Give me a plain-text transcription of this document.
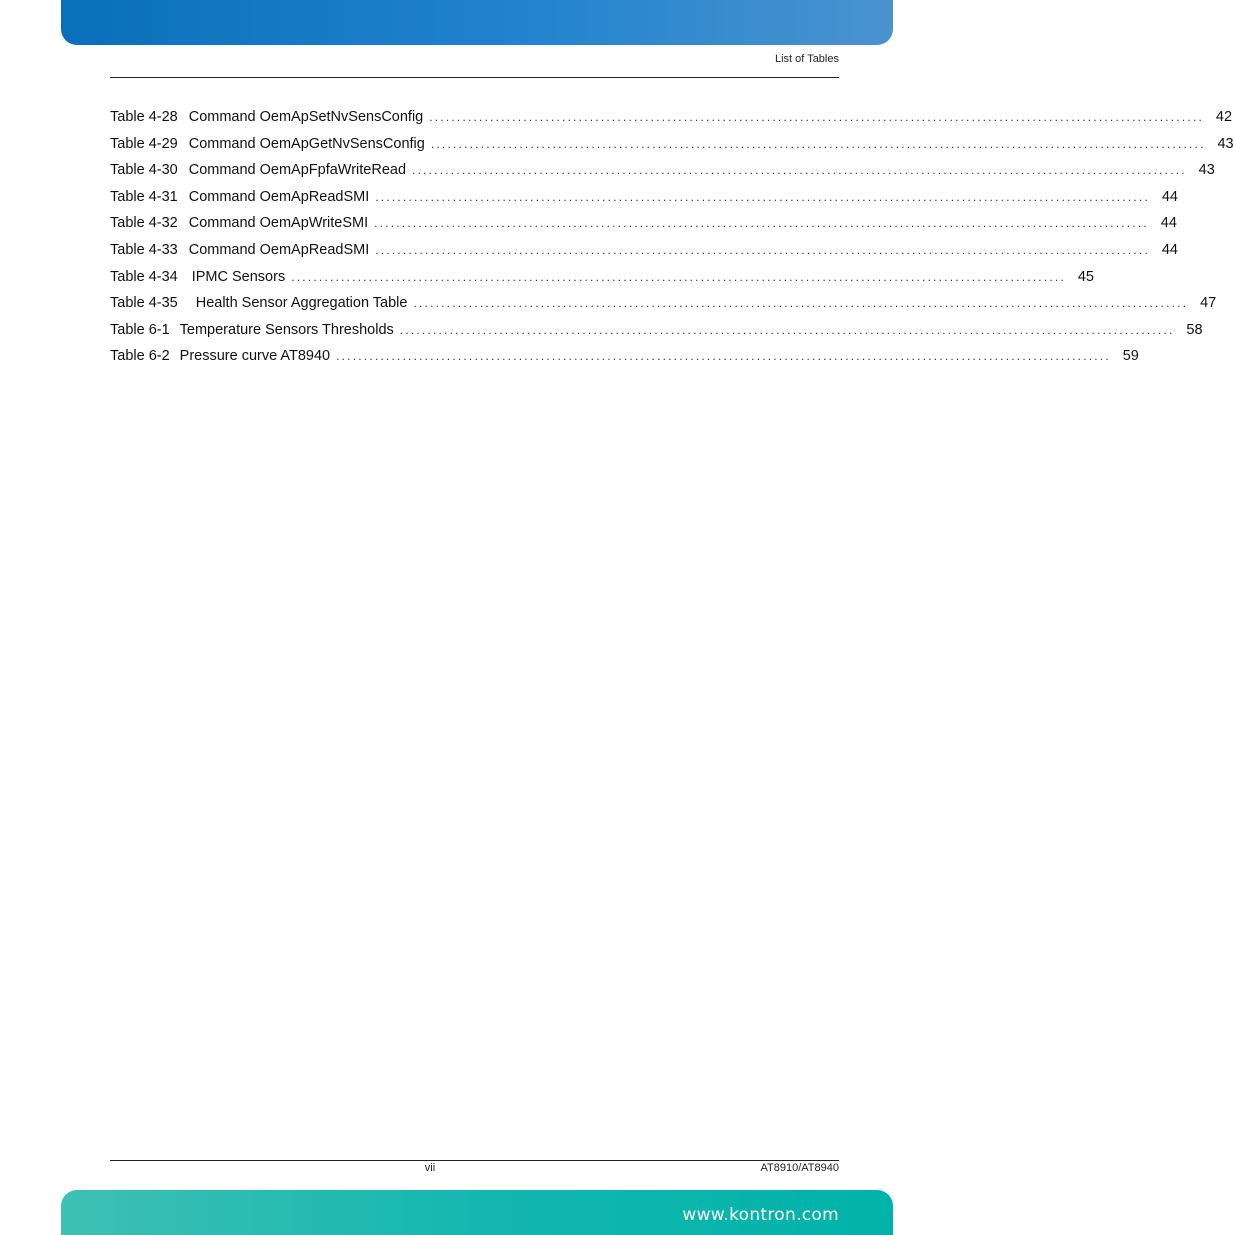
List of Tables
Table 4-28 Command OemApSetNvSensConfig ............................................................................................................................................ 42
Table 4-29 Command OemApGetNvSensConfig ............................................................................................................................................ 43
Table 4-30 Command OemApFpfaWriteRead ............................................................................................................................................ 43
Table 4-31 Command OemApReadSMI ............................................................................................................................................ 44
Table 4-32 Command OemApWriteSMI ............................................................................................................................................ 44
Table 4-33 Command OemApReadSMI ............................................................................................................................................ 44
Table 4-34 IPMC Sensors ............................................................................................................................................ 45
Table 4-35 Health Sensor Aggregation Table ............................................................................................................................................ 47
Table 6-1 Temperature Sensors Thresholds ............................................................................................................................................ 58
Table 6-2 Pressure curve AT8940 ............................................................................................................................................ 59
vii	AT8910/AT8940
www.kontron.com
